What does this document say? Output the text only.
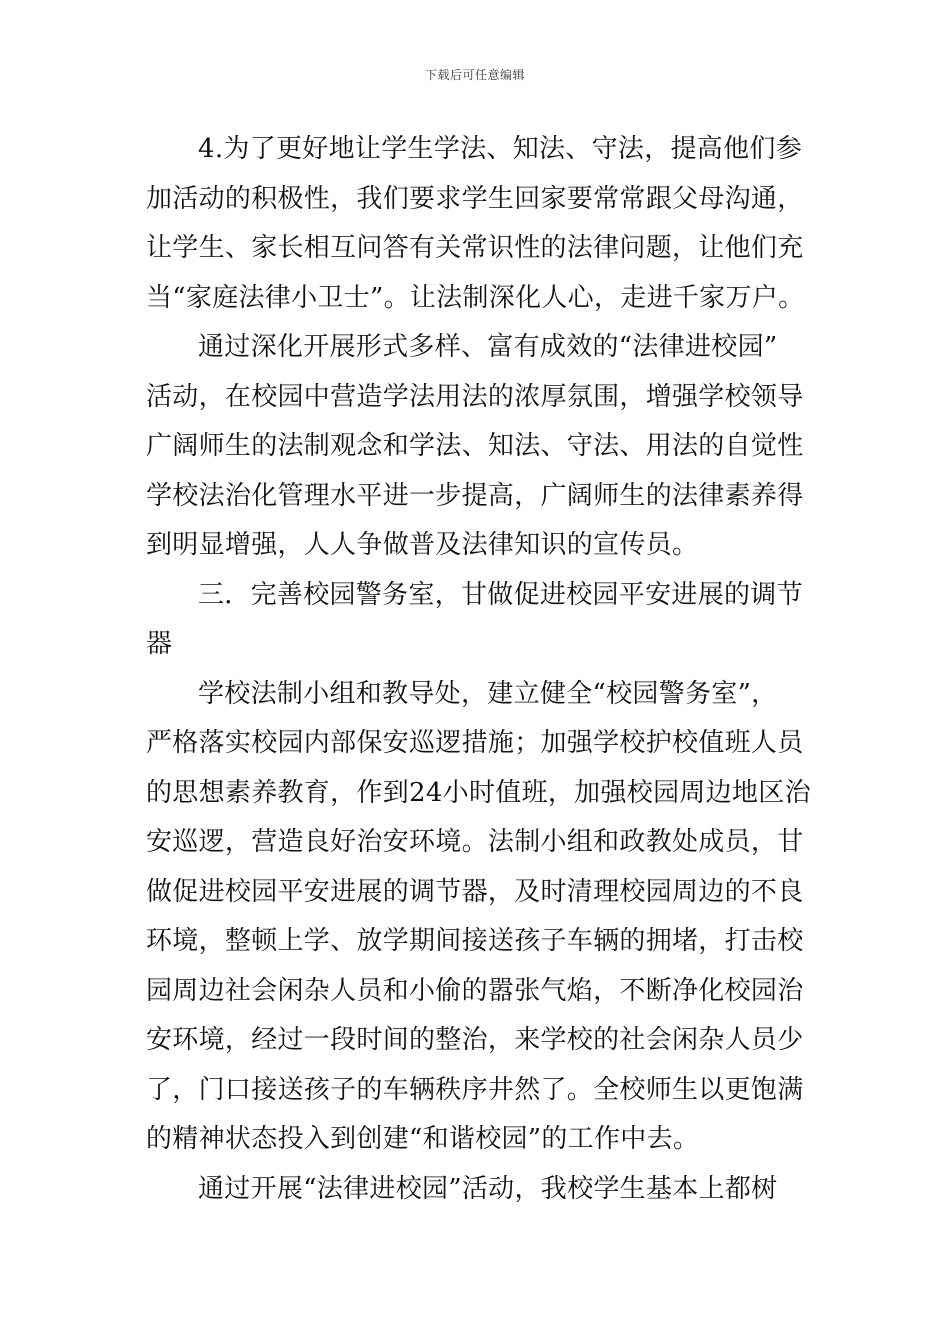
下载后可任意编辑
4.为了更好地让学生学法、知法、守法，提高他们参
加活动的积极性，我们要求学生回家要常常跟父母沟通，
让学生、家长相互问答有关常识性的法律问题，让他们充
当“家庭法律小卫士”。让法制深化人心，走进千家万户。
通过深化开展形式多样、富有成效的“法律进校园”
活动，在校园中营造学法用法的浓厚氛围，增强学校领导
广阔师生的法制观念和学法、知法、守法、用法的自觉性
学校法治化管理水平进一步提高，广阔师生的法律素养得
到明显增强，人人争做普及法律知识的宣传员。
三．完善校园警务室，甘做促进校园平安进展的调节
器
学校法制小组和教导处，建立健全“校园警务室”，
严格落实校园内部保安巡逻措施；加强学校护校值班人员
的思想素养教育，作到24小时值班，加强校园周边地区治
安巡逻，营造良好治安环境。法制小组和政教处成员，甘
做促进校园平安进展的调节器，及时清理校园周边的不良
环境，整顿上学、放学期间接送孩子车辆的拥堵，打击校
园周边社会闲杂人员和小偷的嚣张气焰，不断净化校园治
安环境，经过一段时间的整治，来学校的社会闲杂人员少
了，门口接送孩子的车辆秩序井然了。全校师生以更饱满
的精神状态投入到创建“和谐校园”的工作中去。
通过开展“法律进校园”活动，我校学生基本上都树
